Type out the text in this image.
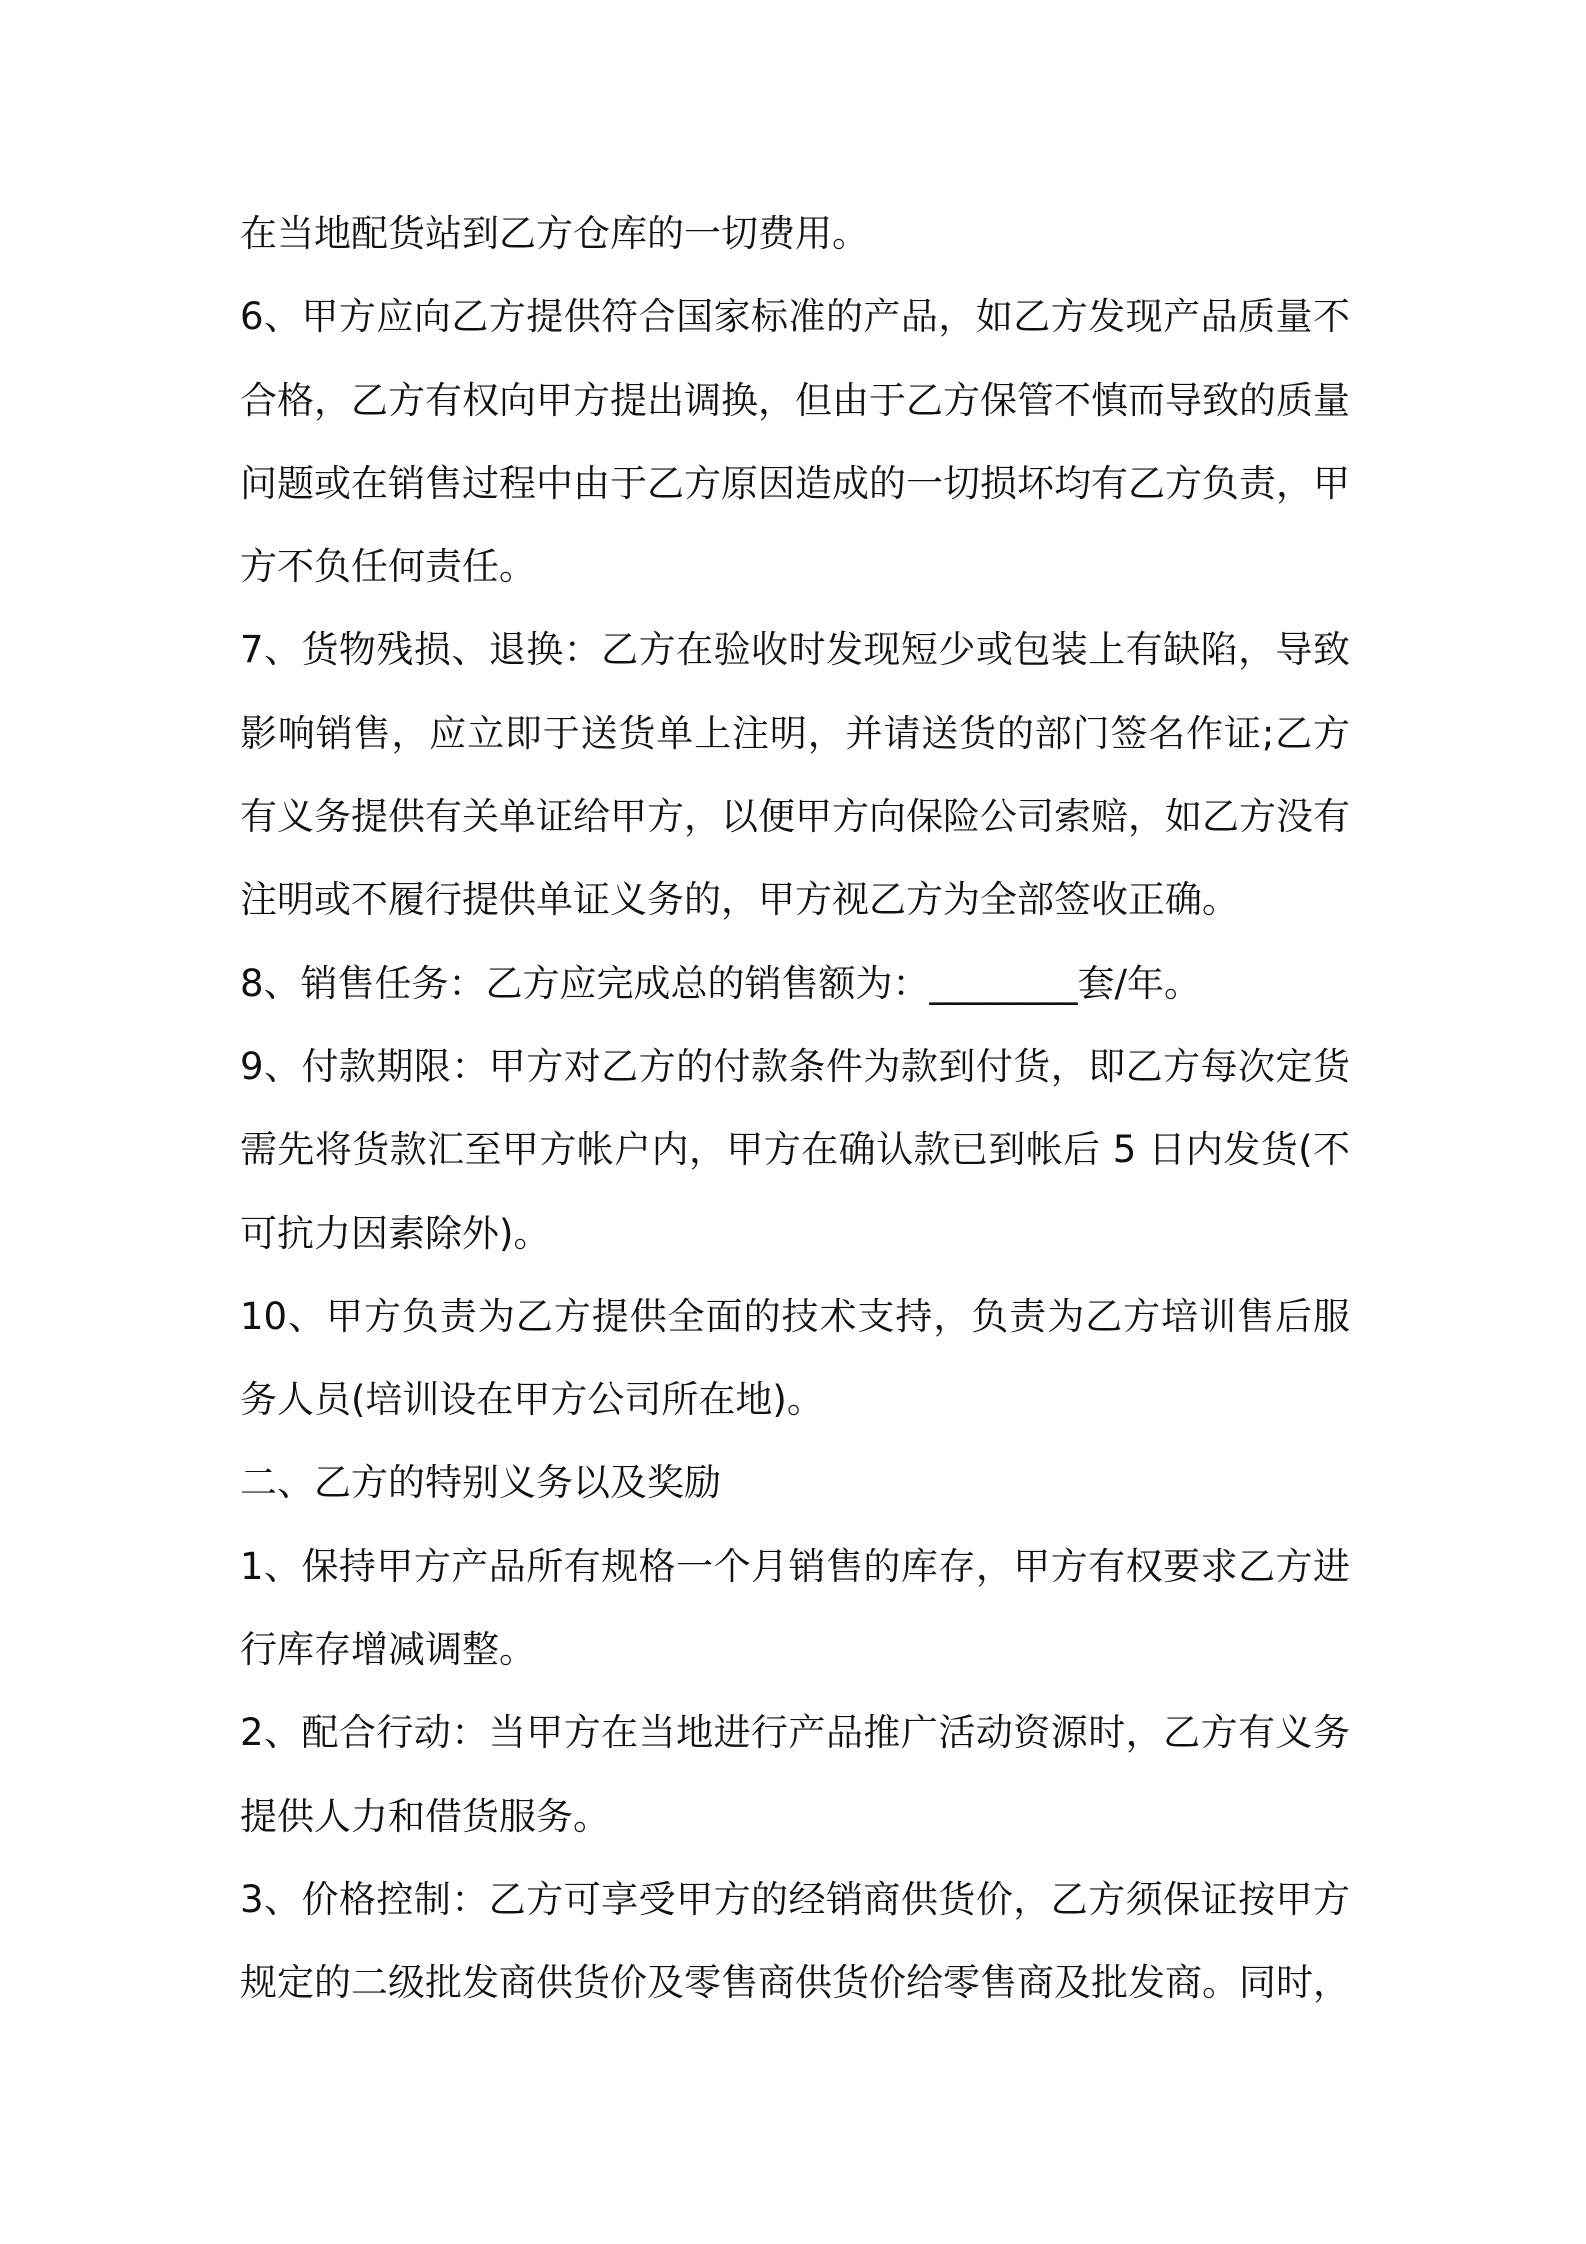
在当地配货站到乙方仓库的一切费用。

6、甲方应向乙方提供符合国家标准的产品，如乙方发现产品质量不合格，乙方有权向甲方提出调换，但由于乙方保管不慎而导致的质量问题或在销售过程中由于乙方原因造成的一切损坏均有乙方负责，甲方不负任何责任。

7、货物残损、退换：乙方在验收时发现短少或包装上有缺陷，导致影响销售，应立即于送货单上注明，并请送货的部门签名作证;乙方有义务提供有关单证给甲方，以便甲方向保险公司索赔，如乙方没有注明或不履行提供单证义务的，甲方视乙方为全部签收正确。

8、销售任务：乙方应完成总的销售额为：________套/年。

9、付款期限：甲方对乙方的付款条件为款到付货，即乙方每次定货需先将货款汇至甲方帐户内，甲方在确认款已到帐后 5 日内发货(不可抗力因素除外)。

10、甲方负责为乙方提供全面的技术支持，负责为乙方培训售后服务人员(培训设在甲方公司所在地)。

二、乙方的特别义务以及奖励

1、保持甲方产品所有规格一个月销售的库存，甲方有权要求乙方进行库存增减调整。

2、配合行动：当甲方在当地进行产品推广活动资源时，乙方有义务提供人力和借货服务。

3、价格控制：乙方可享受甲方的经销商供货价，乙方须保证按甲方规定的二级批发商供货价及零售商供货价给零售商及批发商。同时，
